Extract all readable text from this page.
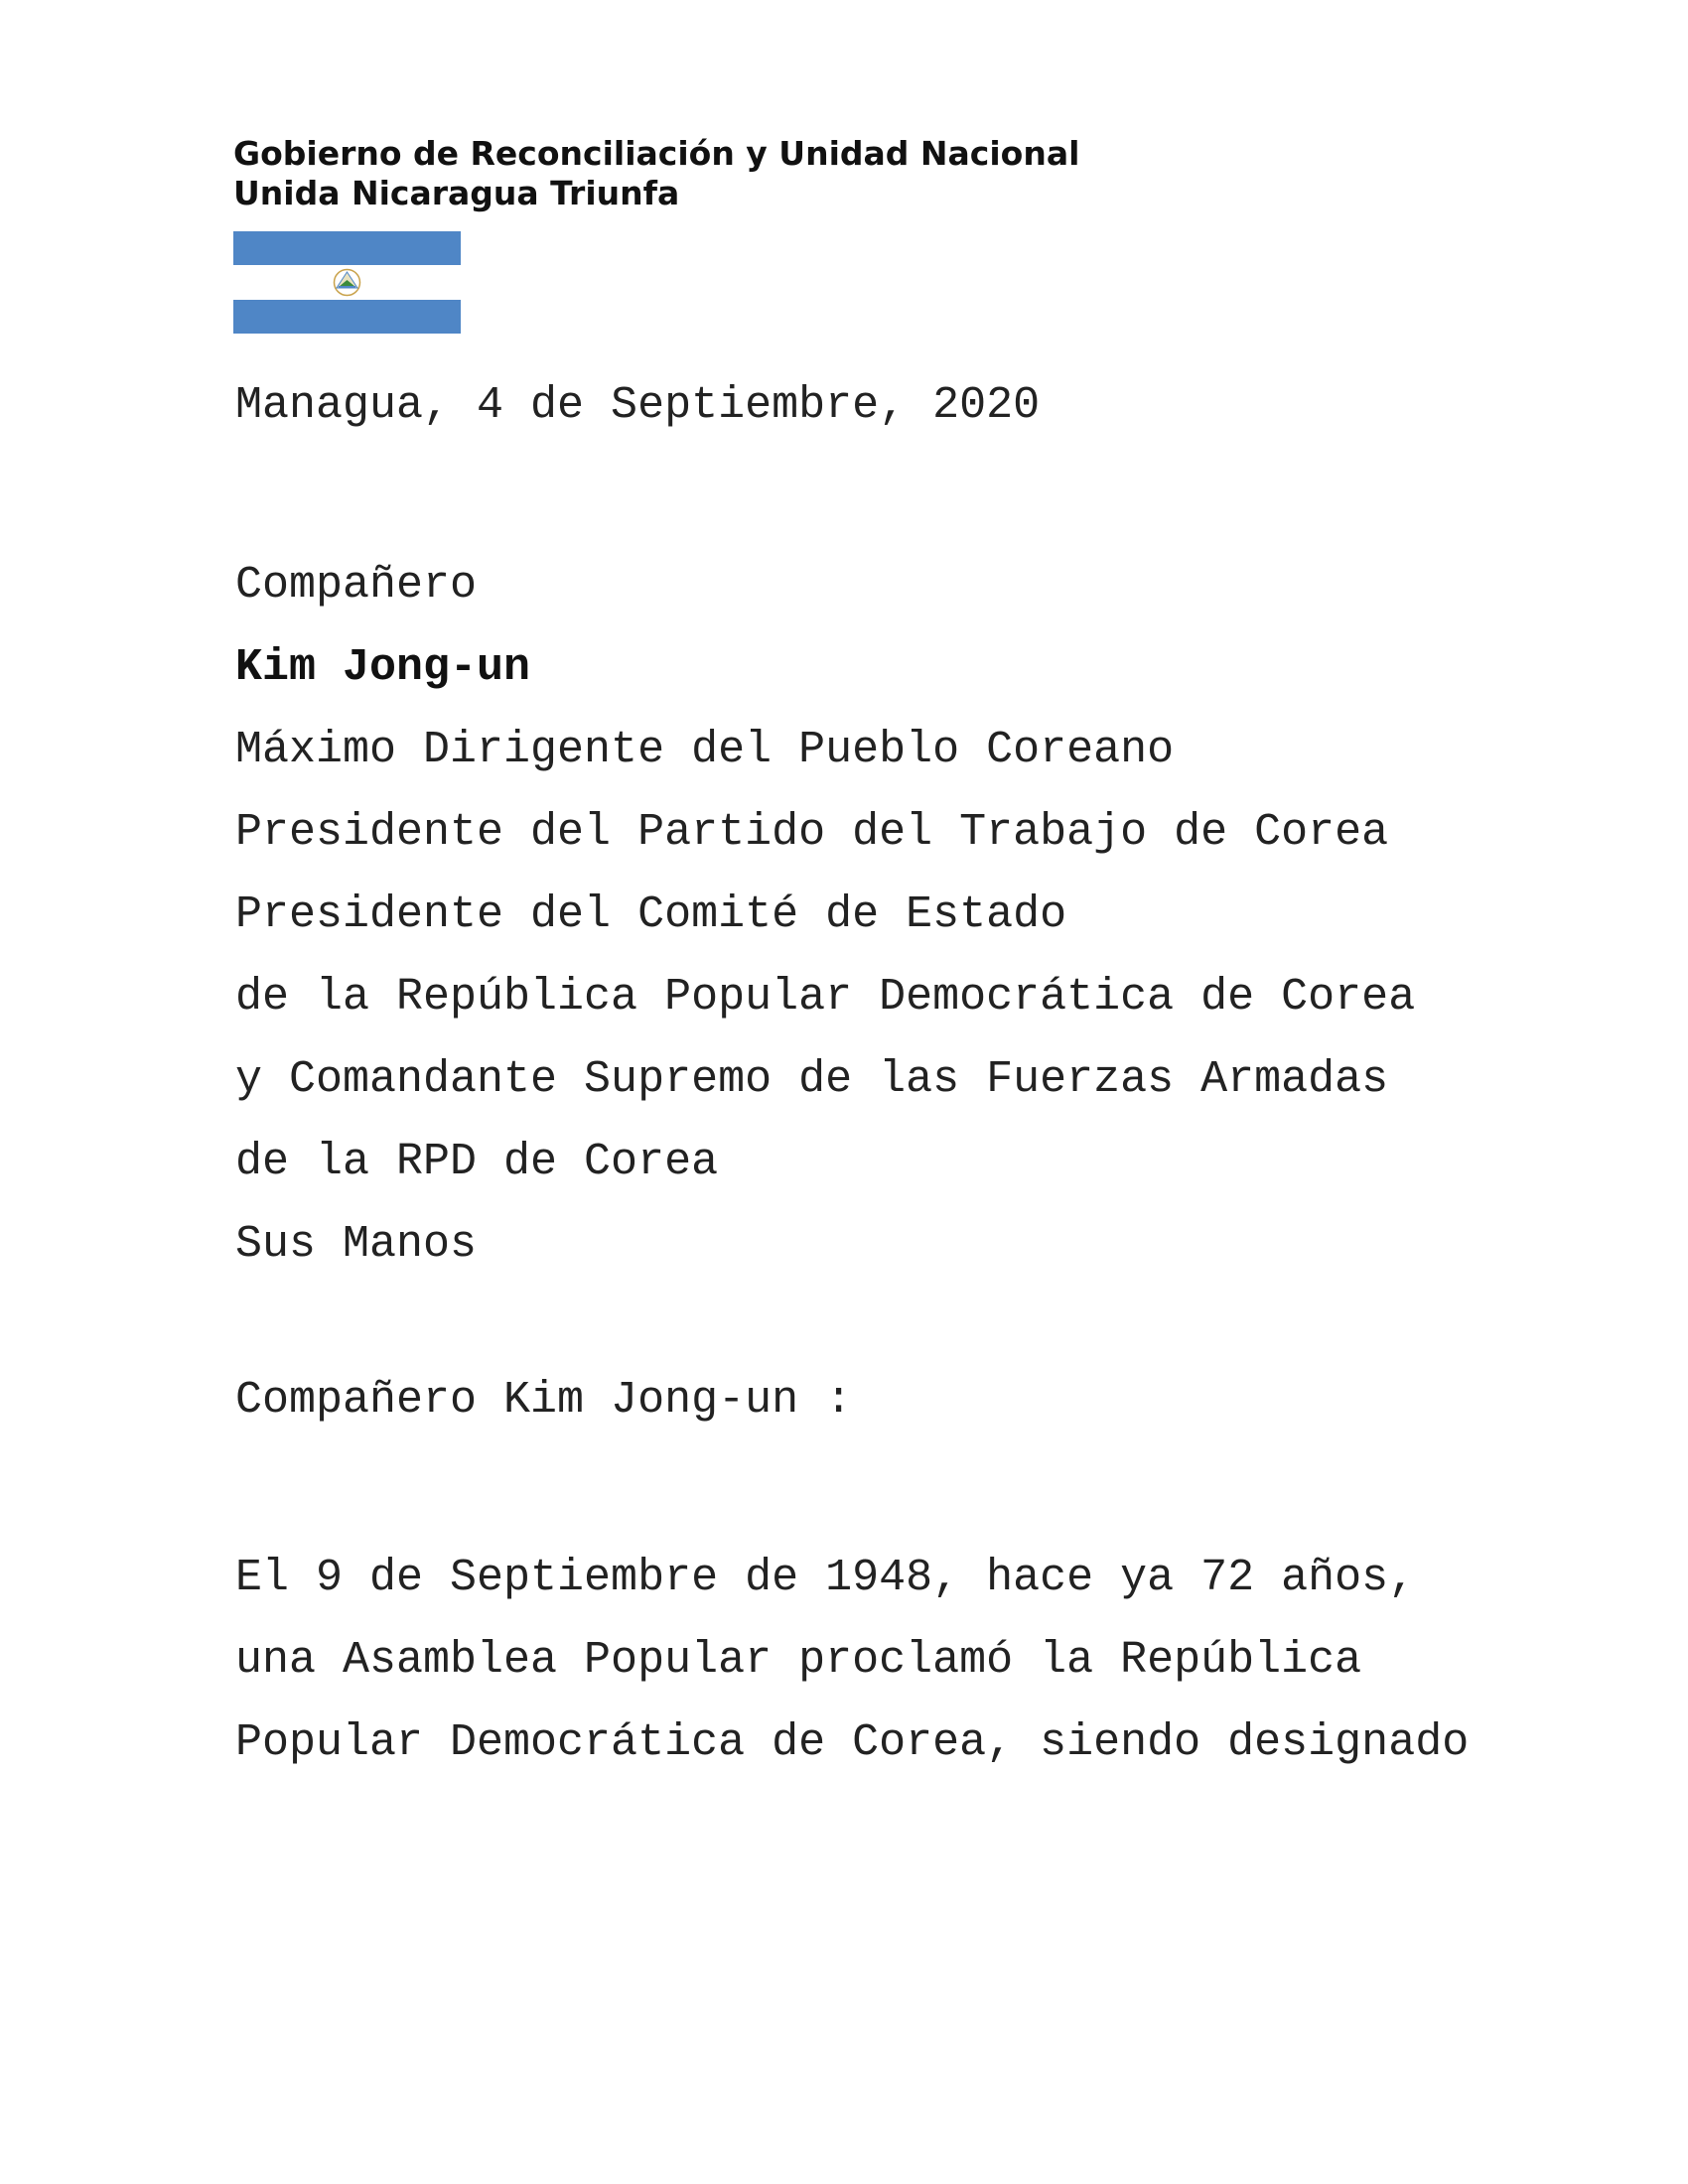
Gobierno de Reconciliación y Unidad Nacional
Unida Nicaragua Triunfa
Managua, 4 de Septiembre, 2020
Compañero
Kim Jong-un
Máximo Dirigente del Pueblo Coreano
Presidente del Partido del Trabajo de Corea
Presidente del Comité de Estado
de la República Popular Democrática de Corea
y Comandante Supremo de las Fuerzas Armadas
de la RPD de Corea
Sus Manos
Compañero Kim Jong-un :
El 9 de Septiembre de 1948, hace ya 72 años,
una Asamblea Popular proclamó la República
Popular Democrática de Corea, siendo designado
